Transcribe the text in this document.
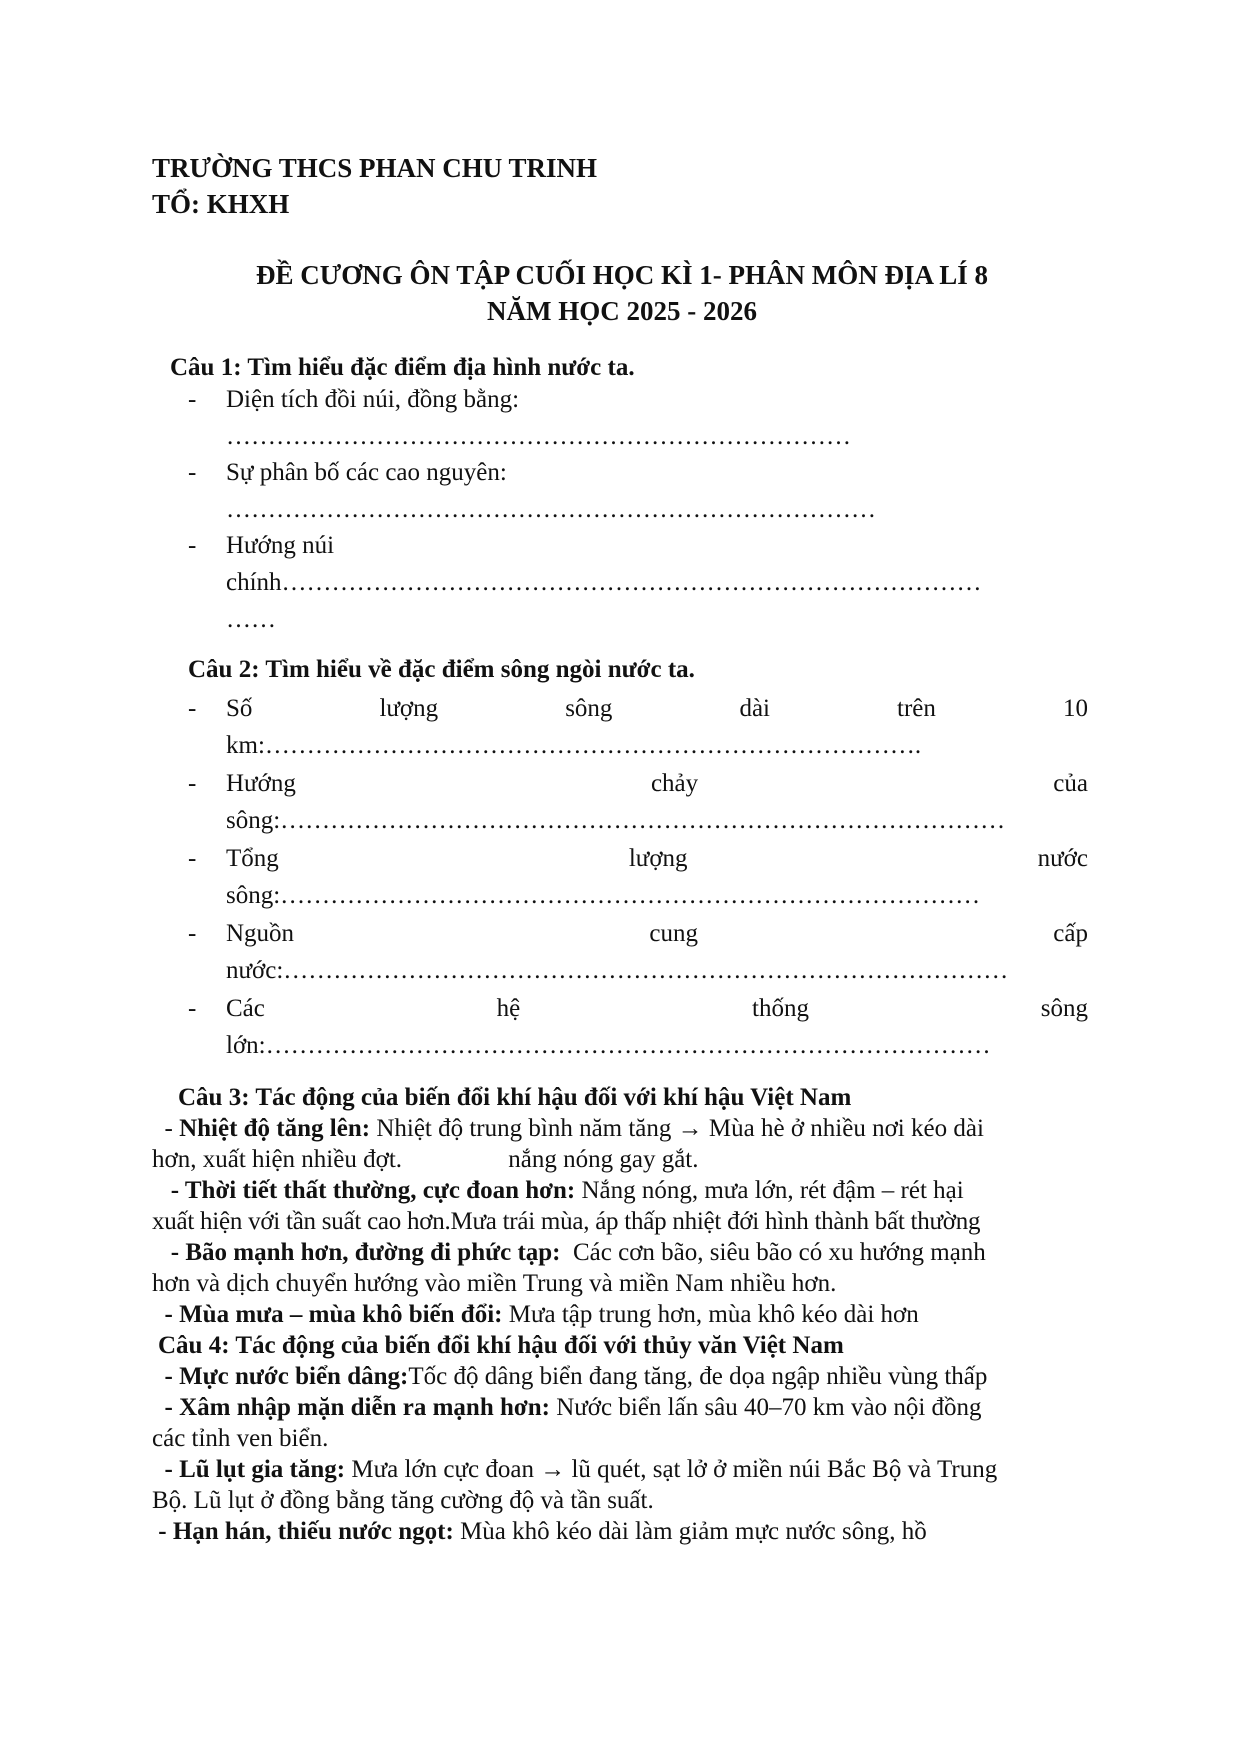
TRƯỜNG THCS PHAN CHU TRINH
TỔ: KHXH
ĐỀ CƯƠNG ÔN TẬP CUỐI HỌC KÌ 1- PHÂN MÔN ĐỊA LÍ 8
NĂM HỌC 2025 - 2026
Câu 1: Tìm hiểu đặc điểm địa hình nước ta.
- Diện tích đồi núi, đồng bằng:
…………………………………………………………………
- Sự phân bố các cao nguyên:
……………………………………………………………………
- Hướng núi
chính…………………………………………………………………………
……
Câu 2: Tìm hiểu về đặc điểm sông ngòi nước ta.
- Số	lượng	sông	dài	trên	10
km:…………………………………………………………………….
- Hướng	chảy	của
sông:……………………………………………………………………………
- Tổng	lượng	nước
sông:…………………………………………………………………………
- Nguồn	cung	cấp
nước:……………………………………………………………………………
- Các	hệ	thống	sông
lớn:……………………………………………………………………………
Câu 3: Tác động của biến đổi khí hậu đối với khí hậu Việt Nam
- Nhiệt độ tăng lên: Nhiệt độ trung bình năm tăng → Mùa hè ở nhiều nơi kéo dài
hơn, xuất hiện nhiều đợt.                 nắng nóng gay gắt.
- Thời tiết thất thường, cực đoan hơn: Nắng nóng, mưa lớn, rét đậm – rét hại
xuất hiện với tần suất cao hơn.Mưa trái mùa, áp thấp nhiệt đới hình thành bất thường
- Bão mạnh hơn, đường đi phức tạp:  Các cơn bão, siêu bão có xu hướng mạnh
hơn và dịch chuyển hướng vào miền Trung và miền Nam nhiều hơn.
- Mùa mưa – mùa khô biến đổi: Mưa tập trung hơn, mùa khô kéo dài hơn
Câu 4: Tác động của biến đổi khí hậu đối với thủy văn Việt Nam
- Mực nước biển dâng:Tốc độ dâng biển đang tăng, đe dọa ngập nhiều vùng thấp
- Xâm nhập mặn diễn ra mạnh hơn: Nước biển lấn sâu 40–70 km vào nội đồng
các tỉnh ven biển.
- Lũ lụt gia tăng: Mưa lớn cực đoan → lũ quét, sạt lở ở miền núi Bắc Bộ và Trung
Bộ. Lũ lụt ở đồng bằng tăng cường độ và tần suất.
- Hạn hán, thiếu nước ngọt: Mùa khô kéo dài làm giảm mực nước sông, hồ
